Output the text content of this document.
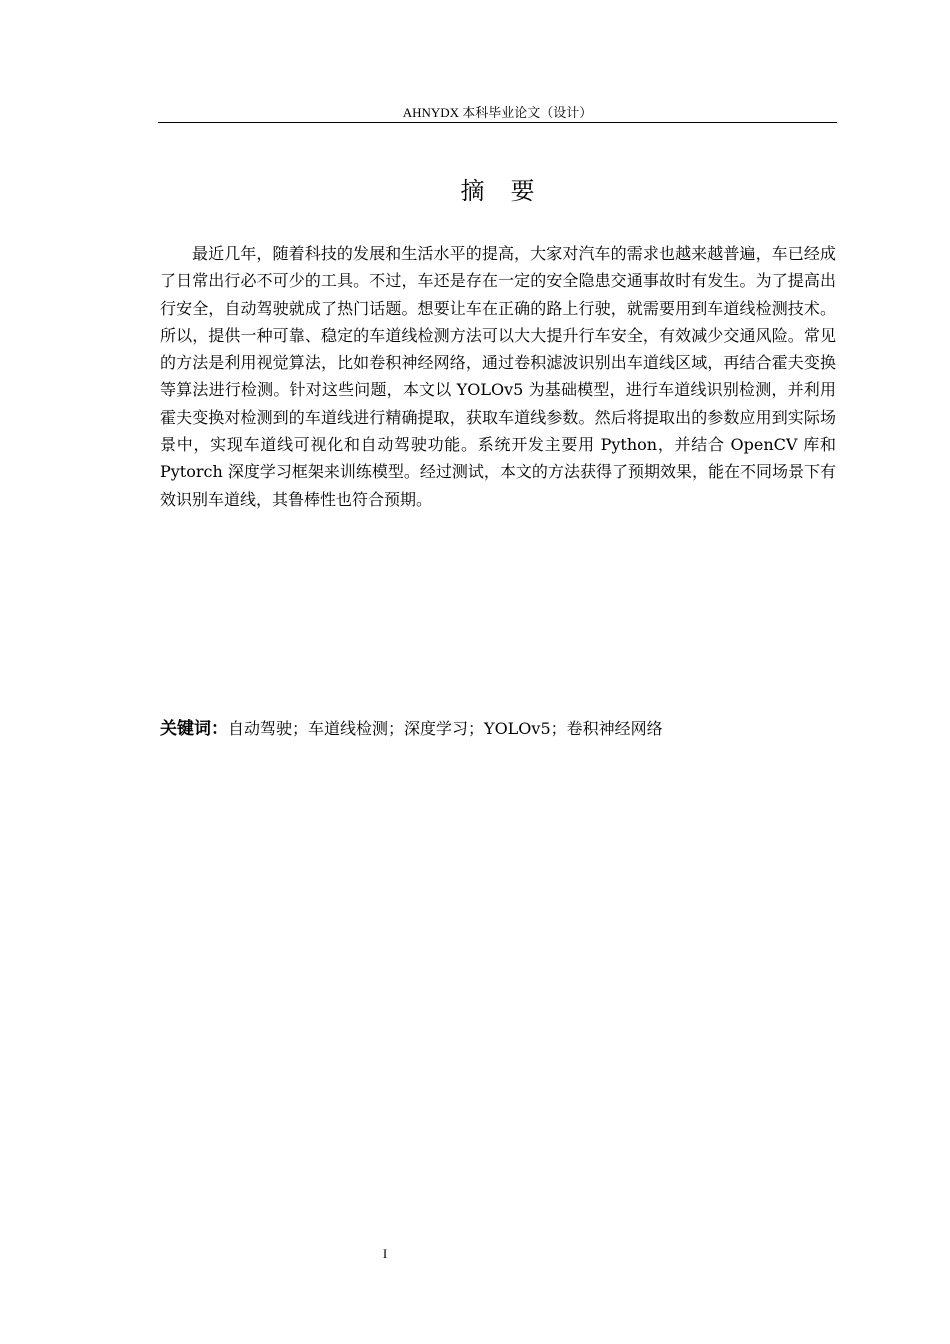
AHNYDX 本科毕业论文（设计）
摘要

最近几年，随着科技的发展和生活水平的提高，大家对汽车的需求也越来越普遍，车已经成了日常出行必不可少的工具。不过，车还是存在一定的安全隐患交通事故时有发生。为了提高出行安全，自动驾驶就成了热门话题。想要让车在正确的路上行驶，就需要用到车道线检测技术。所以，提供一种可靠、稳定的车道线检测方法可以大大提升行车安全，有效减少交通风险。常见的方法是利用视觉算法，比如卷积神经网络，通过卷积滤波识别出车道线区域，再结合霍夫变换等算法进行检测。针对这些问题，本文以 YOLOv5 为基础模型，进行车道线识别检测，并利用霍夫变换对检测到的车道线进行精确提取，获取车道线参数。然后将提取出的参数应用到实际场景中，实现车道线可视化和自动驾驶功能。系统开发主要用 Python，并结合 OpenCV 库和 Pytorch 深度学习框架来训练模型。经过测试，本文的方法获得了预期效果，能在不同场景下有效识别车道线，其鲁棒性也符合预期。

关键词：自动驾驶；车道线检测；深度学习；YOLOv5；卷积神经网络
I
